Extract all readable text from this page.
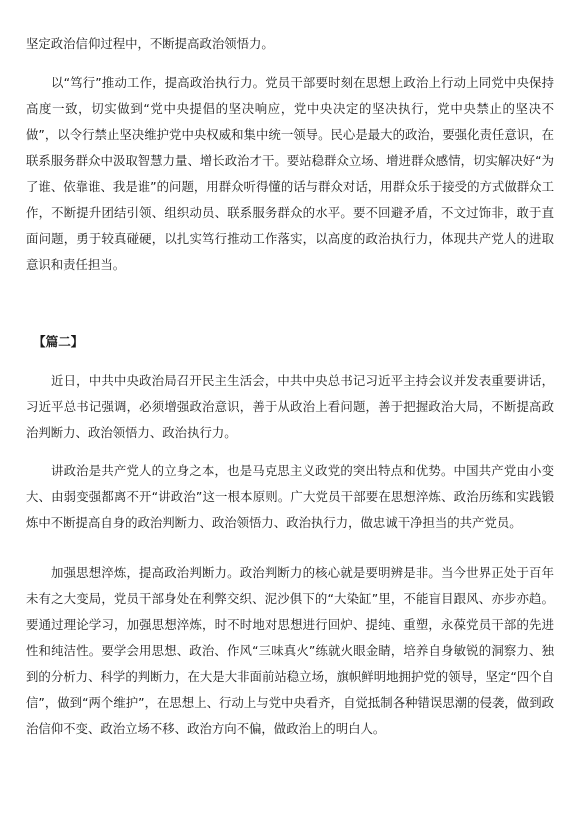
坚定政治信仰过程中，不断提高政治领悟力。

以“笃行”推动工作，提高政治执行力。党员干部要时刻在思想上政治上行动上同党中央保持高度一致，切实做到“党中央提倡的坚决响应，党中央决定的坚决执行，党中央禁止的坚决不做”，以令行禁止坚决维护党中央权威和集中统一领导。民心是最大的政治，要强化责任意识，在联系服务群众中汲取智慧力量、增长政治才干。要站稳群众立场、增进群众感情，切实解决好“为了谁、依靠谁、我是谁”的问题，用群众听得懂的话与群众对话，用群众乐于接受的方式做群众工作，不断提升团结引领、组织动员、联系服务群众的水平。要不回避矛盾，不文过饰非，敢于直面问题，勇于较真碰硬，以扎实笃行推动工作落实，以高度的政治执行力，体现共产党人的进取意识和责任担当。

【篇二】

近日，中共中央政治局召开民主生活会，中共中央总书记习近平主持会议并发表重要讲话，习近平总书记强调，必须增强政治意识，善于从政治上看问题，善于把握政治大局，不断提高政治判断力、政治领悟力、政治执行力。

讲政治是共产党人的立身之本，也是马克思主义政党的突出特点和优势。中国共产党由小变大、由弱变强都离不开“讲政治”这一根本原则。广大党员干部要在思想淬炼、政治历练和实践锻炼中不断提高自身的政治判断力、政治领悟力、政治执行力，做忠诚干净担当的共产党员。

加强思想淬炼，提高政治判断力。政治判断力的核心就是要明辨是非。当今世界正处于百年未有之大变局，党员干部身处在利弊交织、泥沙俱下的“大染缸”里，不能盲目跟风、亦步亦趋。要通过理论学习，加强思想淬炼，时不时地对思想进行回炉、提纯、重塑，永葆党员干部的先进性和纯洁性。要学会用思想、政治、作风“三味真火”练就火眼金睛，培养自身敏锐的洞察力、独到的分析力、科学的判断力，在大是大非面前站稳立场，旗帜鲜明地拥护党的领导，坚定“四个自信”，做到“两个维护”，在思想上、行动上与党中央看齐，自觉抵制各种错误思潮的侵袭，做到政治信仰不变、政治立场不移、政治方向不偏，做政治上的明白人。
